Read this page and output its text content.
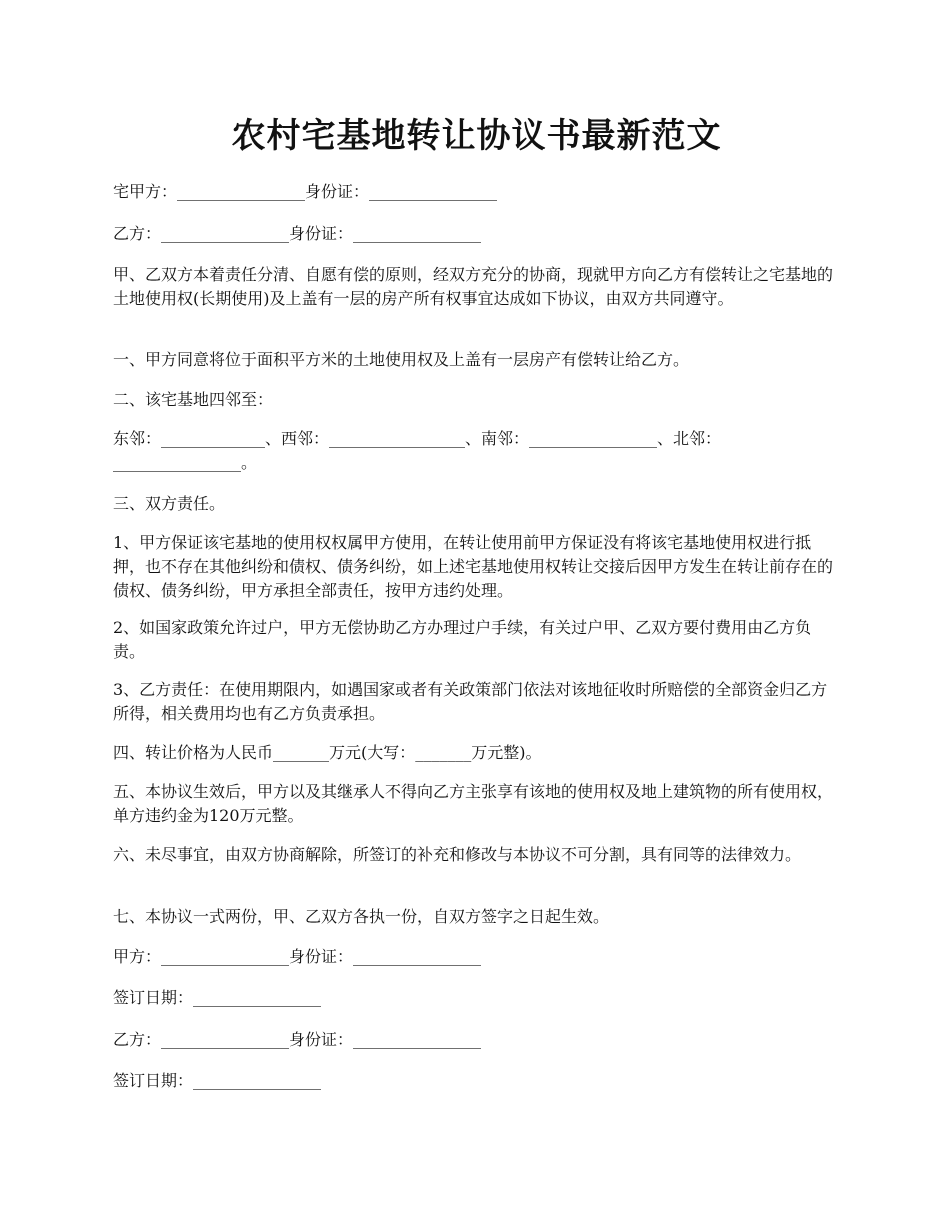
农村宅基地转让协议书最新范文

宅甲方：________________身份证：________________

乙方：________________身份证：________________

甲、乙双方本着责任分清、自愿有偿的原则，经双方充分的协商，现就甲方向乙方有偿转让之宅基地的土地使用权(长期使用)及上盖有一层的房产所有权事宜达成如下协议，由双方共同遵守。

一、甲方同意将位于面积平方米的土地使用权及上盖有一层房产有偿转让给乙方。

二、该宅基地四邻至：

东邻：_____________、西邻：_________________、南邻：________________、北邻：________________。

三、双方责任。

1、甲方保证该宅基地的使用权权属甲方使用，在转让使用前甲方保证没有将该宅基地使用权进行抵押，也不存在其他纠纷和债权、债务纠纷，如上述宅基地使用权转让交接后因甲方发生在转让前存在的债权、债务纠纷，甲方承担全部责任，按甲方违约处理。

2、如国家政策允许过户，甲方无偿协助乙方办理过户手续，有关过户甲、乙双方要付费用由乙方负责。

3、乙方责任：在使用期限内，如遇国家或者有关政策部门依法对该地征收时所赔偿的全部资金归乙方所得，相关费用均也有乙方负责承担。

四、转让价格为人民币_______万元(大写：_______万元整)。

五、本协议生效后，甲方以及其继承人不得向乙方主张享有该地的使用权及地上建筑物的所有使用权，单方违约金为120万元整。

六、未尽事宜，由双方协商解除，所签订的补充和修改与本协议不可分割，具有同等的法律效力。

七、本协议一式两份，甲、乙双方各执一份，自双方签字之日起生效。

甲方：________________身份证：________________

签订日期：________________

乙方：________________身份证：________________

签订日期：________________
